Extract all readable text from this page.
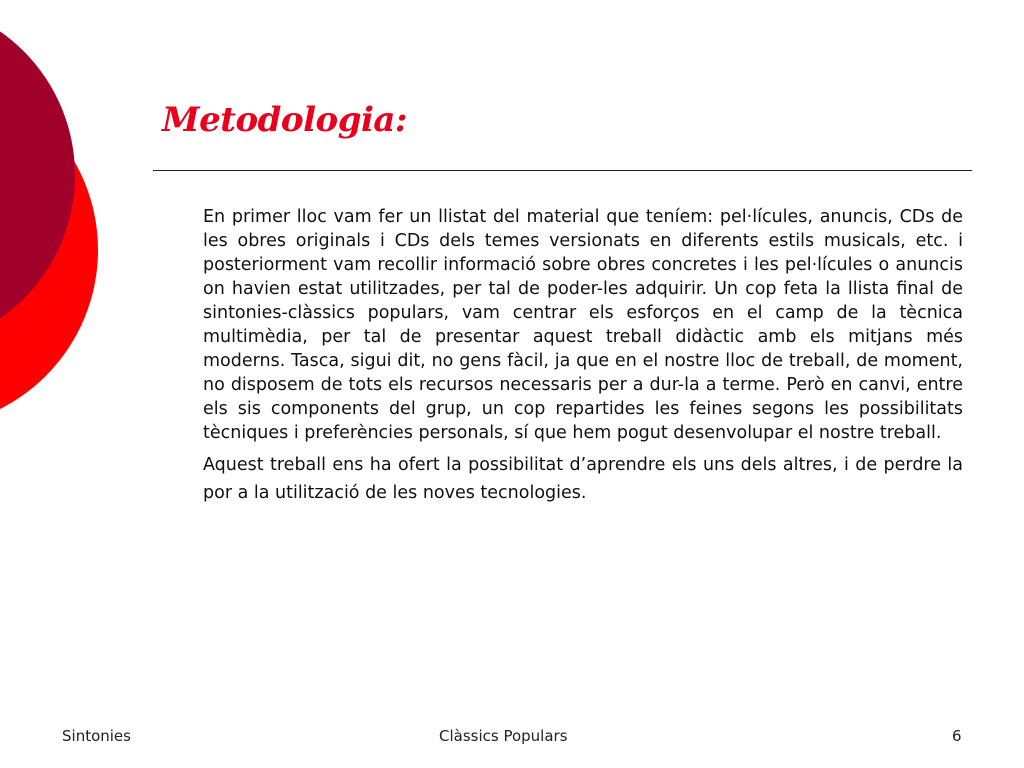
Metodologia:

En primer lloc vam fer un llistat del material que teníem: pel·lícules, anuncis, CDs de les obres originals i CDs dels temes versionats en diferents estils musicals, etc. i posteriorment vam recollir informació sobre obres concretes i les pel·lícules o anuncis on havien estat utilitzades, per tal de poder-les adquirir. Un cop feta la llista final de sintonies-clàssics populars, vam centrar els esforços en el camp de la tècnica multimèdia, per tal de presentar aquest treball didàctic amb els mitjans més moderns. Tasca, sigui dit, no gens fàcil, ja que en el nostre lloc de treball, de moment, no disposem de tots els recursos necessaris per a dur-la a terme. Però en canvi, entre els sis components del grup, un cop repartides les feines segons les possibilitats tècniques i preferències personals, sí que hem pogut desenvolupar el nostre treball.

Aquest treball ens ha ofert la possibilitat d’aprendre els uns dels altres, i de perdre la por a la utilització de les noves tecnologies.

Sintonies	Clàssics Populars	6
